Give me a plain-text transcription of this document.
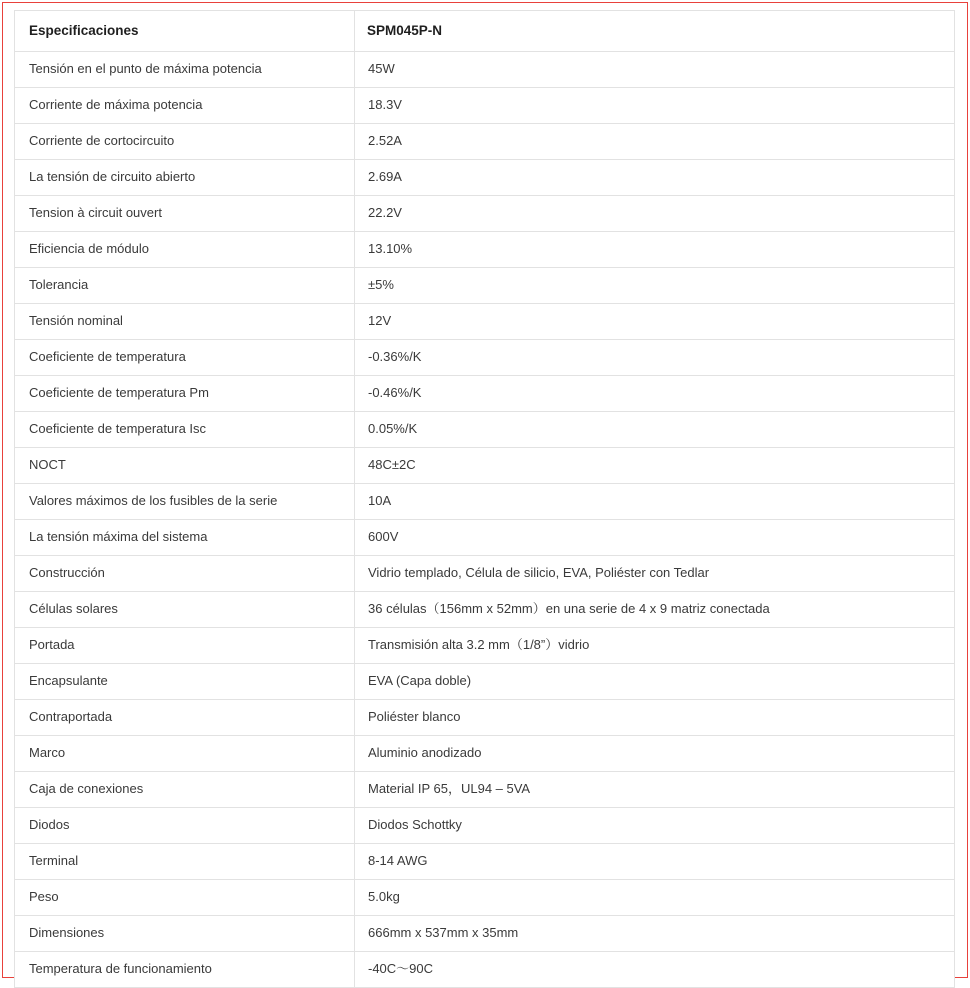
Especificaciones	SPM045P-N
Tensión en el punto de máxima potencia	45W
Corriente de máxima potencia	18.3V
Corriente de cortocircuito	2.52A
La tensión de circuito abierto	2.69A
Tension à circuit ouvert	22.2V
Eficiencia de módulo	13.10%
Tolerancia	±5%
Tensión nominal	12V
Coeficiente de temperatura	-0.36%/K
Coeficiente de temperatura Pm	-0.46%/K
Coeficiente de temperatura Isc	0.05%/K
NOCT	48C±2C
Valores máximos de los fusibles de la serie	10A
La tensión máxima del sistema	600V
Construcción	Vidrio templado, Célula de silicio, EVA, Poliéster con Tedlar
Células solares	36 células（156mm x 52mm）en una serie de 4 x 9 matriz conectada
Portada	Transmisión alta 3.2 mm（1/8”）vidrio
Encapsulante	EVA (Capa doble)
Contraportada	Poliéster blanco
Marco	Aluminio anodizado
Caja de conexiones	Material IP 65，UL94 – 5VA
Diodos	Diodos Schottky
Terminal	8-14 AWG
Peso	5.0kg
Dimensiones	666mm x 537mm x 35mm
Temperatura de funcionamiento	-40C〜90C
